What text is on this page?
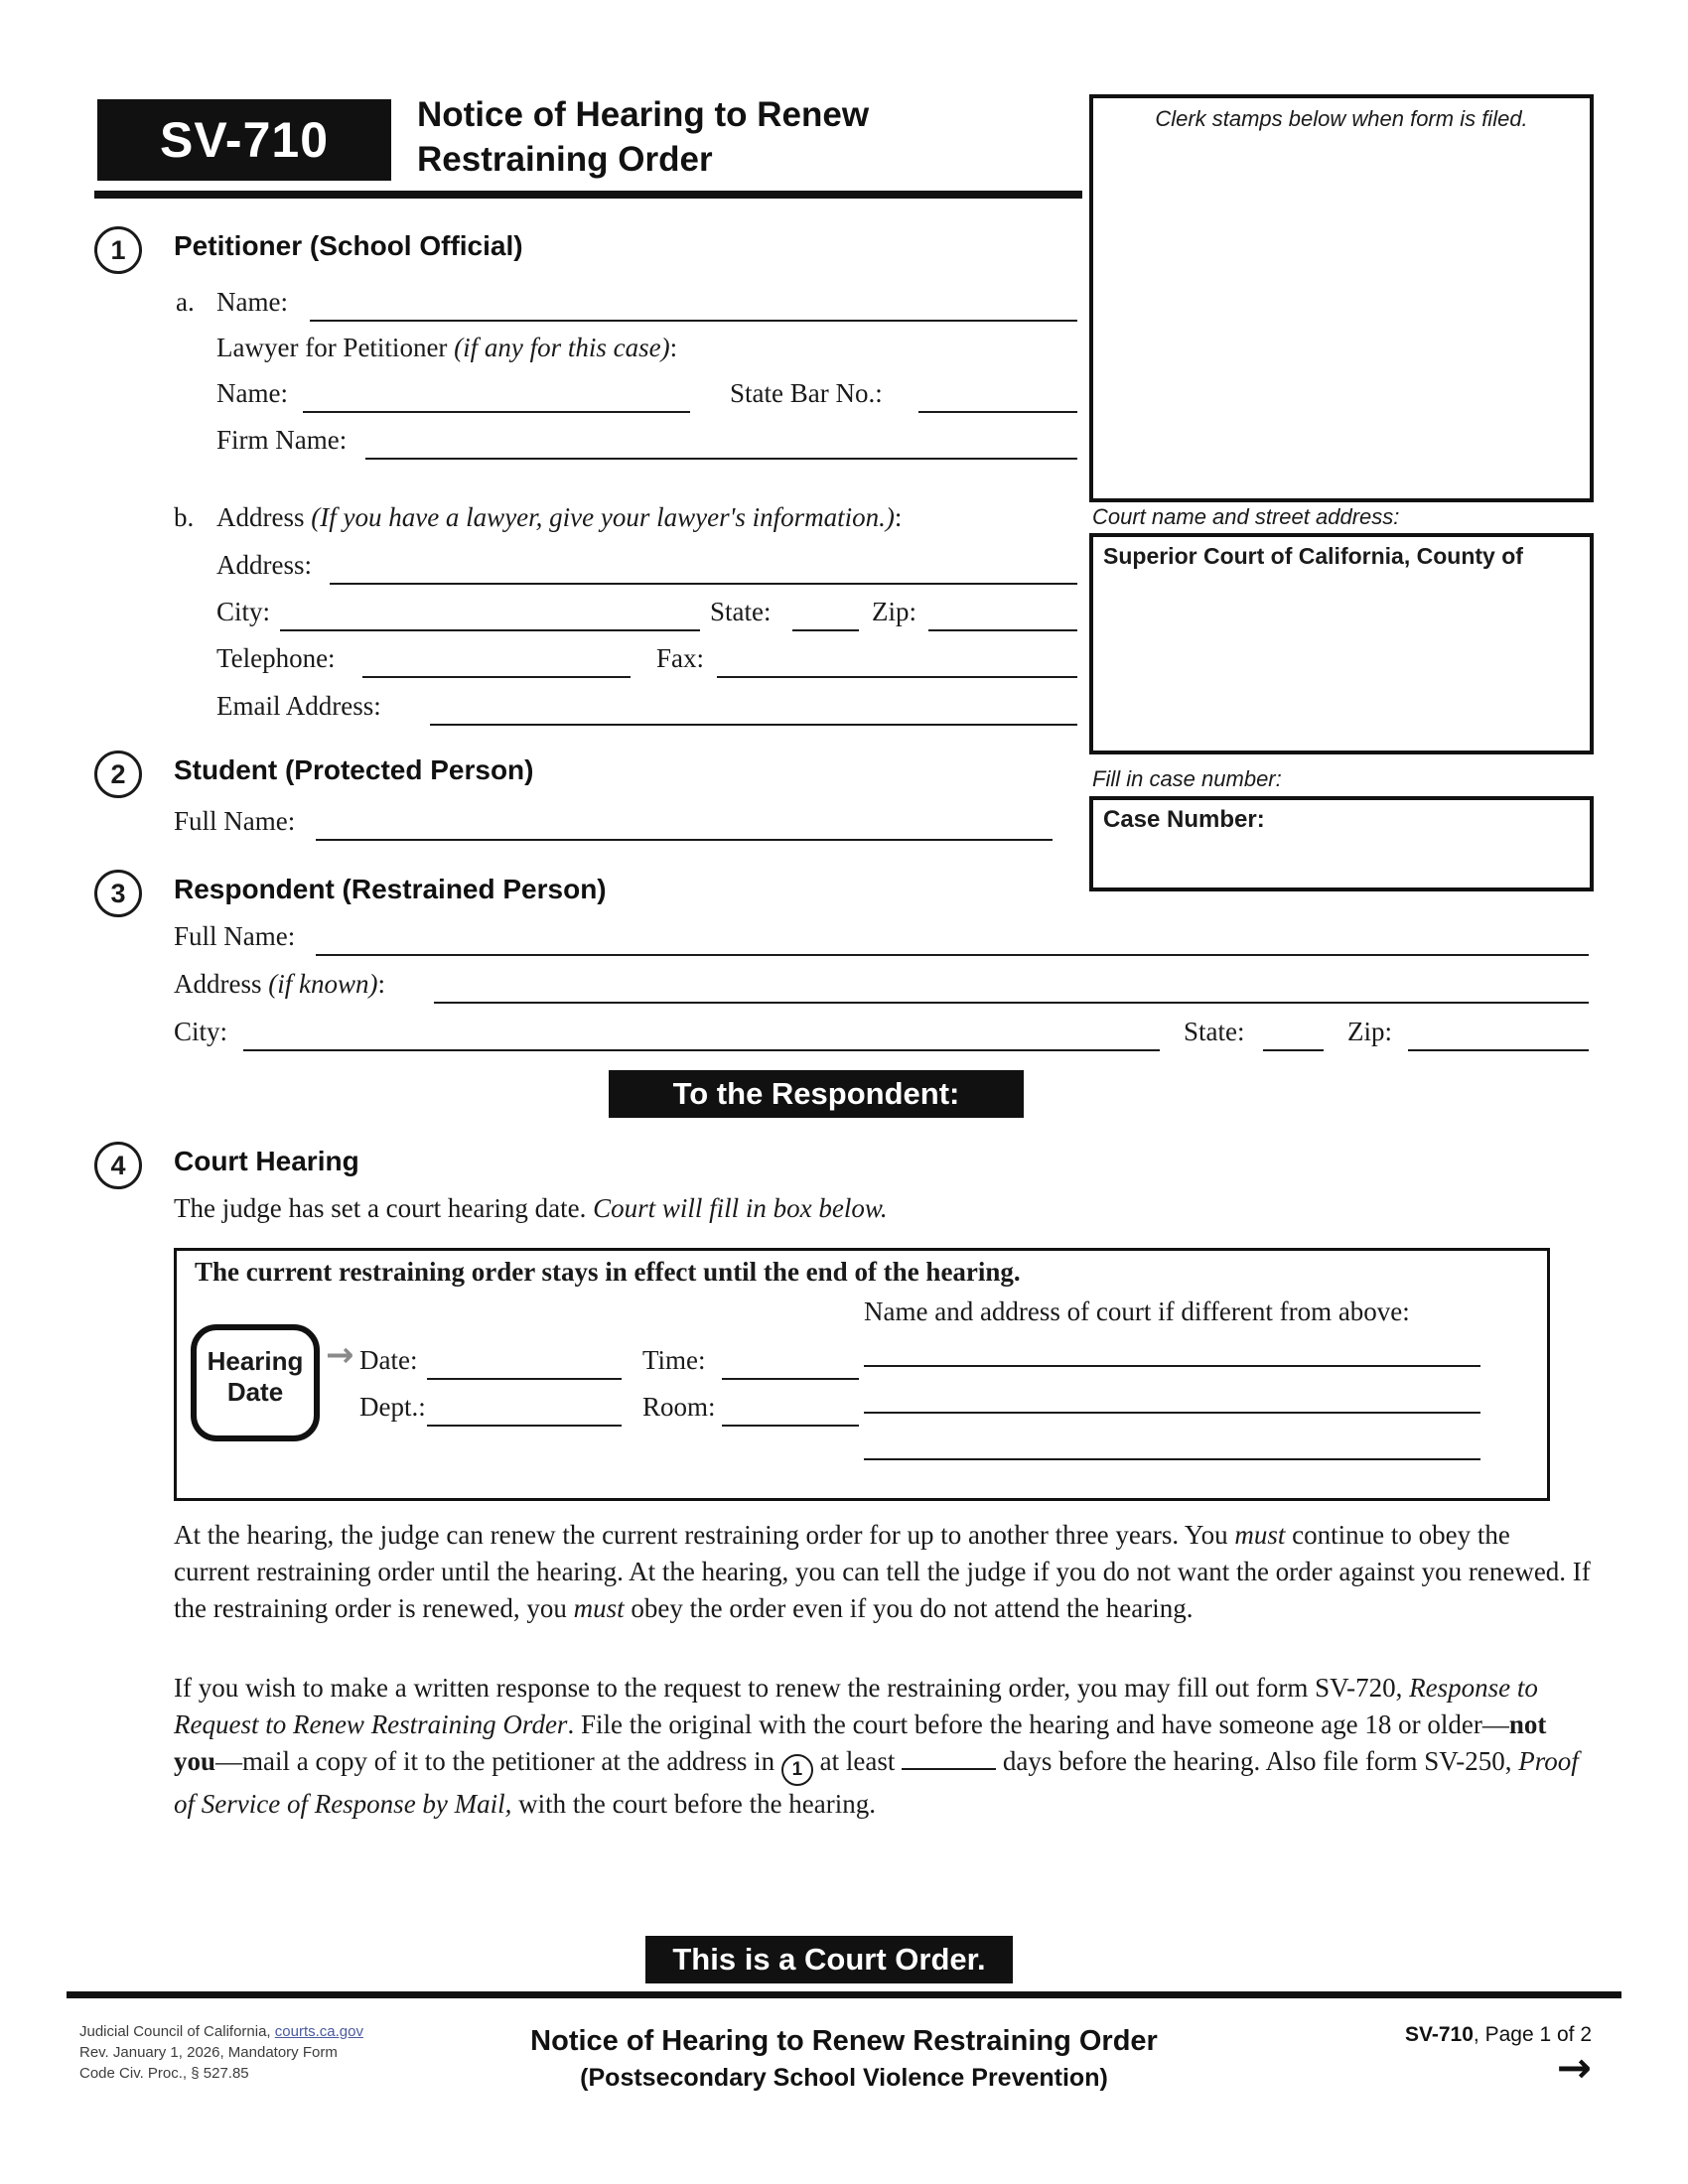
SV-710	Notice of Hearing to Renew
Restraining Order
Clerk stamps below when form is filed.
Court name and street address:
Superior Court of California, County of
Fill in case number:
Case Number:
1	Petitioner (School Official)
a. Name:
Lawyer for Petitioner (if any for this case):
Name:	State Bar No.:
Firm Name:
b. Address (If you have a lawyer, give your lawyer's information.):
Address:
City:	State:	Zip:
Telephone:	Fax:
Email Address:
2	Student (Protected Person)
Full Name:
3	Respondent (Restrained Person)
Full Name:
Address (if known):
City:	State:	Zip:
To the Respondent:
4	Court Hearing
The judge has set a court hearing date. Court will fill in box below.
The current restraining order stays in effect until the end of the hearing.
Name and address of court if different from above:
Hearing
Date
→ Date:	Time:
Dept.:	Room:

At the hearing, the judge can renew the current restraining order for up to another three years. You must continue to obey the current restraining order until the hearing. At the hearing, you can tell the judge if you do not want the order against you renewed. If the restraining order is renewed, you must obey the order even if you do not attend the hearing.

If you wish to make a written response to the request to renew the restraining order, you may fill out form SV-720, Response to Request to Renew Restraining Order. File the original with the court before the hearing and have someone age 18 or older—not you—mail a copy of it to the petitioner at the address in 1 at least	days before the hearing. Also file form SV-250, Proof of Service of Response by Mail, with the court before the hearing.

This is a Court Order.
Judicial Council of California, courts.ca.gov
Rev. January 1, 2026, Mandatory Form
Code Civ. Proc., § 527.85
Notice of Hearing to Renew Restraining Order
(Postsecondary School Violence Prevention)
SV-710, Page 1 of 2
→
